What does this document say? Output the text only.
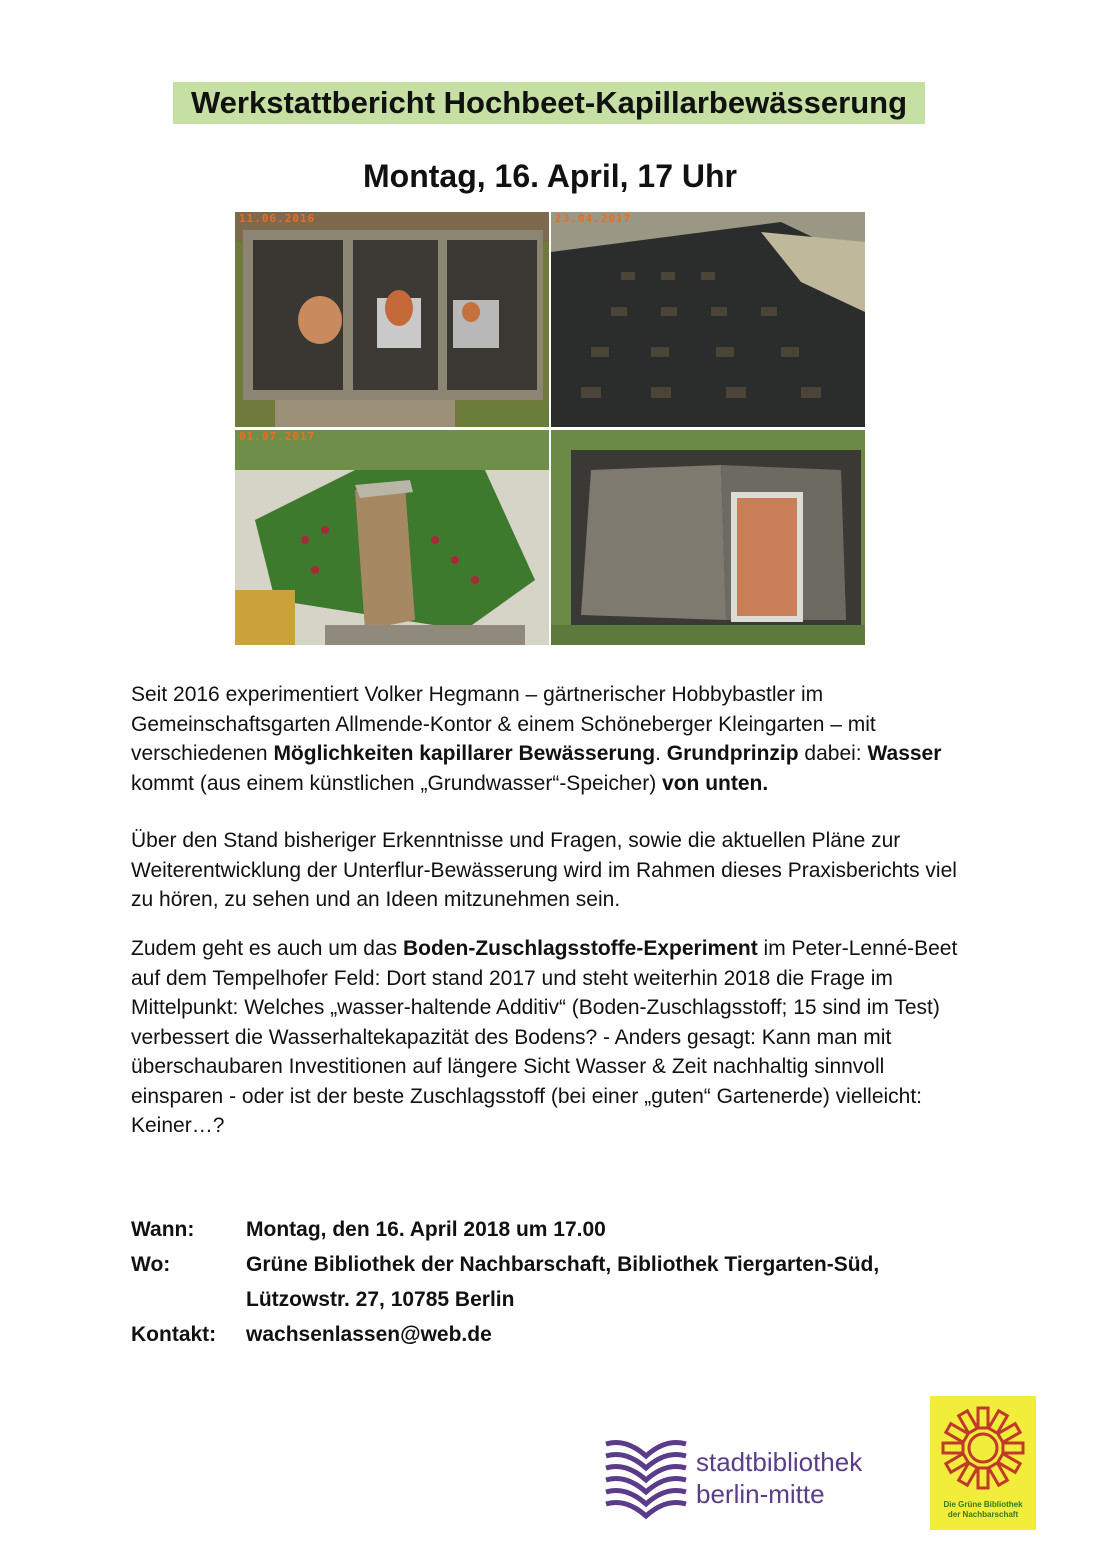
Werkstattbericht Hochbeet-Kapillarbewässerung
Montag, 16. April, 17 Uhr
11.06.2016	23.04.2017
01.07.2017
Seit 2016 experimentiert Volker Hegmann – gärtnerischer Hobbybastler im Gemeinschaftsgarten Allmende-Kontor & einem Schöneberger Kleingarten – mit verschiedenen Möglichkeiten kapillarer Bewässerung. Grundprinzip dabei: Wasser kommt (aus einem künstlichen „Grundwasser“-Speicher) von unten.
Über den Stand bisheriger Erkenntnisse und Fragen, sowie die aktuellen Pläne zur Weiterentwicklung der Unterflur-Bewässerung wird im Rahmen dieses Praxisberichts viel zu hören, zu sehen und an Ideen mitzunehmen sein.
Zudem geht es auch um das Boden-Zuschlagsstoffe-Experiment im Peter-Lenné-Beet auf dem Tempelhofer Feld: Dort stand 2017 und steht weiterhin 2018 die Frage im Mittelpunkt: Welches „wasser-haltende Additiv“ (Boden-Zuschlagsstoff; 15 sind im Test) verbessert die Wasserhaltekapazität des Bodens? - Anders gesagt: Kann man mit überschaubaren Investitionen auf längere Sicht Wasser & Zeit nachhaltig sinnvoll einsparen - oder ist der beste Zuschlagsstoff (bei einer „guten“ Gartenerde) vielleicht: Keiner…?
Wann: Montag, den 16. April 2018 um 17.00
Wo:	Grüne Bibliothek der Nachbarschaft, Bibliothek Tiergarten-Süd,
Lützowstr. 27, 10785 Berlin
Kontakt: wachsenlassen@web.de
stadtbibliothek
berlin-mitte	Die Grüne Bibliothek
der Nachbarschaft
